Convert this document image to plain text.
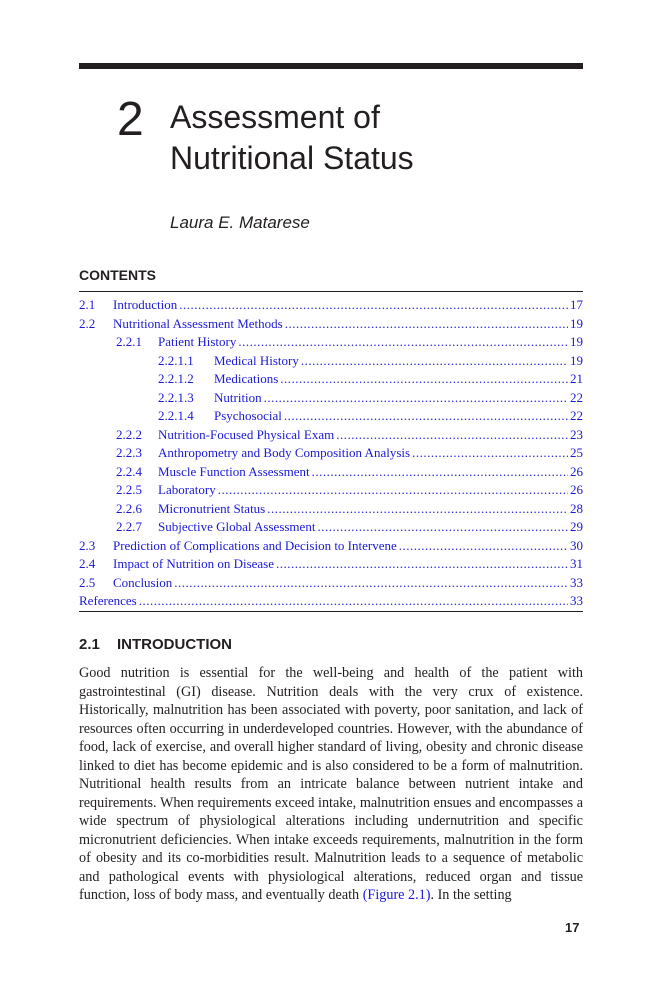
2 Assessment of
Nutritional Status
Laura E. Matarese
CONTENTS
2.1 Introduction .....	17
2.2 Nutritional Assessment Methods .....	19
2.2.1 Patient History .....	19
2.2.1.1 Medical History .....	19
2.2.1.2 Medications .....	21
2.2.1.3 Nutrition .....	22
2.2.1.4 Psychosocial .....	22
2.2.2 Nutrition-Focused Physical Exam .....	23
2.2.3 Anthropometry and Body Composition Analysis .....	25
2.2.4 Muscle Function Assessment .....	26
2.2.5 Laboratory .....	26
2.2.6 Micronutrient Status .....	28
2.2.7 Subjective Global Assessment .....	29
2.3 Prediction of Complications and Decision to Intervene .....	30
2.4 Impact of Nutrition on Disease .....	31
2.5 Conclusion .....	33
References .....	33
2.1 INTRODUCTION

Good nutrition is essential for the well-being and health of the patient with gastrointestinal (GI) disease. Nutrition deals with the very crux of existence. Historically, malnutrition has been associated with poverty, poor sanitation, and lack of resources often occurring in underdeveloped countries. However, with the abundance of food, lack of exercise, and overall higher standard of living, obesity and chronic disease linked to diet has become epidemic and is also considered to be a form of malnutrition. Nutritional health results from an intricate balance between nutrient intake and requirements. When requirements exceed intake, malnutrition ensues and encompasses a wide spectrum of physiological alterations including undernutrition and specific micronutrient deficiencies. When intake exceeds requirements, malnutrition in the form of obesity and its co-morbidities result. Malnutrition leads to a sequence of metabolic and pathological events with physiological alterations, reduced organ and tissue function, loss of body mass, and eventually death (Figure 2.1). In the setting

17
